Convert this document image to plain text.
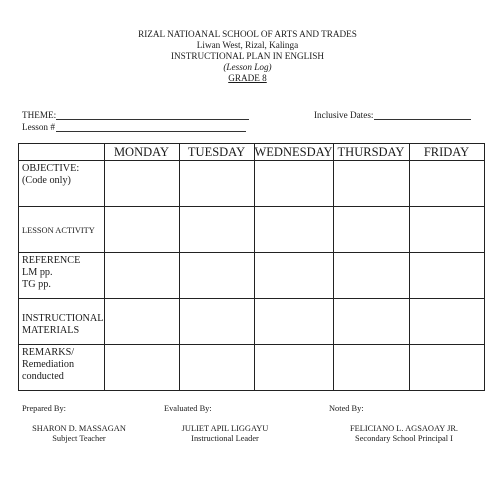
RIZAL NATIOANAL SCHOOL OF ARTS AND TRADES
Liwan West, Rizal, Kalinga
INSTRUCTIONAL PLAN IN ENGLISH
(Lesson Log)
GRADE 8
THEME:
Lesson #
Inclusive Dates:
	MONDAY	TUESDAY	WEDNESDAY	THURSDAY	FRIDAY

OBJECTIVE:
(Code only)					

LESSON ACTIVITY					

REFERENCE
LM pp.
TG pp.					

INSTRUCTIONAL
MATERIALS					

REMARKS/
Remediation
conducted					

Prepared By:	Evaluated By:	Noted By:
SHARON D. MASSAGAN
Subject Teacher
JULIET APIL LIGGAYU
Instructional Leader
FELICIANO L. AGSAOAY JR.
Secondary School Principal I
